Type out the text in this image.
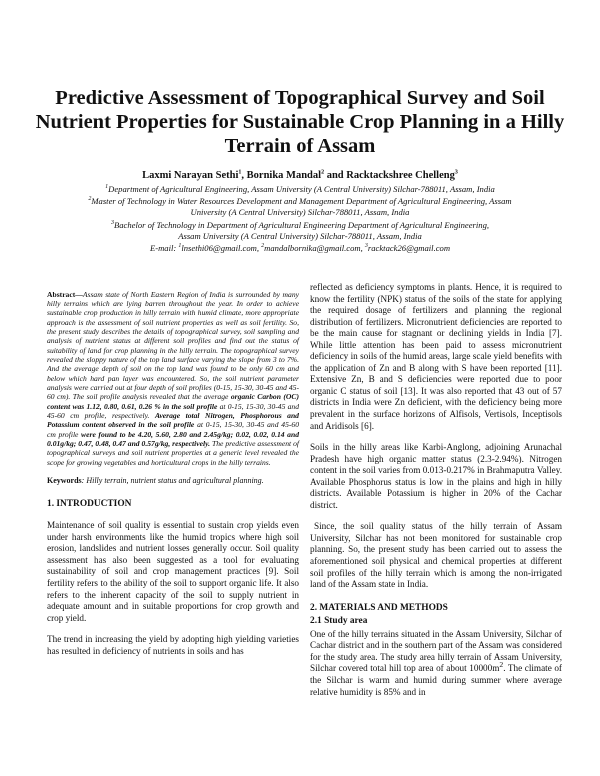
Predictive Assessment of Topographical Survey and Soil Nutrient Properties for Sustainable Crop Planning in a Hilly Terrain of Assam
Laxmi Narayan Sethi$^1$, Bornika Mandal$^2$ and Racktackshree Chelleng$^3$
$^1$Department of Agricultural Engineering, Assam University (A Central University) Silchar-788011, Assam, India
$^2$Master of Technology in Water Resources Development and Management Department of Agricultural Engineering, Assam
University (A Central University) Silchar-788011, Assam, India
$^3$Bachelor of Technology in Department of Agricultural Engineering Department of Agricultural Engineering,
Assam University (A Central University) Silchar-788011, Assam, India
E-mail: $^1$lnsethi06@gmail.com, $^2$mandalbornika@gmail.com, $^3$racktack26@gmail.com

Abstract—Assam state of North Eastern Region of India is surrounded by many hilly terrains which are lying barren throughout the year. In order to achieve sustainable crop production in hilly terrain with humid climate, more appropriate approach is the assessment of soil nutrient properties as well as soil fertility. So, the present study describes the details of topographical survey, soil sampling and analysis of nutrient status at different soil profiles and find out the status of suitability of land for crop planning in the hilly terrain. The topographical survey revealed the sloppy nature of the top land surface varying the slope from 3 to 7%. And the average depth of soil on the top land was found to be only 60 cm and below which hard pan layer was encountered. So, the soil nutrient parameter analysis were carried out at four depth of soil profiles (0-15, 15-30, 30-45 and 45-60 cm). The soil profile analysis revealed that the average organic Carbon (OC) content was 1.12, 0.80, 0.61, 0.26 % in the soil profile at 0-15, 15-30, 30-45 and 45-60 cm profile, respectively. Average total Nitrogen, Phosphorous and Potassium content observed in the soil profile at 0-15, 15-30, 30-45 and 45-60 cm profile were found to be 4.20, 5.60, 2.80 and 2.45g/kg; 0.02, 0.02, 0.14 and 0.01g/kg; 0.47, 0.48, 0.47 and 0.57g/kg, respectively. The predictive assessment of topographical surveys and soil nutrient properties at a generic level revealed the scope for growing vegetables and horticultural crops in the hilly terrains.

Keywords: Hilly terrain, nutrient status and agricultural planning.

1. INTRODUCTION

Maintenance of soil quality is essential to sustain crop yields even under harsh environments like the humid tropics where high soil erosion, landslides and nutrient losses generally occur. Soil quality assessment has also been suggested as a tool for evaluating sustainability of soil and crop management practices [9]. Soil fertility refers to the ability of the soil to support organic life. It also refers to the inherent capacity of the soil to supply nutrient in adequate amount and in suitable proportions for crop growth and crop yield.

The trend in increasing the yield by adopting high yielding varieties has resulted in deficiency of nutrients in soils and has

reflected as deficiency symptoms in plants. Hence, it is required to know the fertility (NPK) status of the soils of the state for applying the required dosage of fertilizers and planning the regional distribution of fertilizers. Micronutrient deficiencies are reported to be the main cause for stagnant or declining yields in India [7]. While little attention has been paid to assess micronutrient deficiency in soils of the humid areas, large scale yield benefits with the application of Zn and B along with S have been reported [11]. Extensive Zn, B and S deficiencies were reported due to poor organic C status of soil [13]. It was also reported that 43 out of 57 districts in India were Zn deficient, with the deficiency being more prevalent in the surface horizons of Alfisols, Vertisols, Inceptisols and Aridisols [6].

Soils in the hilly areas like Karbi-Anglong, adjoining Arunachal Pradesh have high organic matter status (2.3-2.94%). Nitrogen content in the soil varies from 0.013-0.217% in Brahmaputra Valley. Available Phosphorus status is low in the plains and high in hilly districts. Available Potassium is higher in 20% of the Cachar district.

Since, the soil quality status of the hilly terrain of Assam University, Silchar has not been monitored for sustainable crop planning. So, the present study has been carried out to assess the aforementioned soil physical and chemical properties at different soil profiles of the hilly terrain which is among the non-irrigated land of the Assam state in India.

2. MATERIALS AND METHODS
2.1 Study area

One of the hilly terrains situated in the Assam University, Silchar of Cachar district and in the southern part of the Assam was considered for the study area. The study area hilly terrain of Assam University, Silchar covered total hill top area of about $10000m^2$. The climate of the Silchar is warm and humid during summer where average relative humidity is 85% and in
